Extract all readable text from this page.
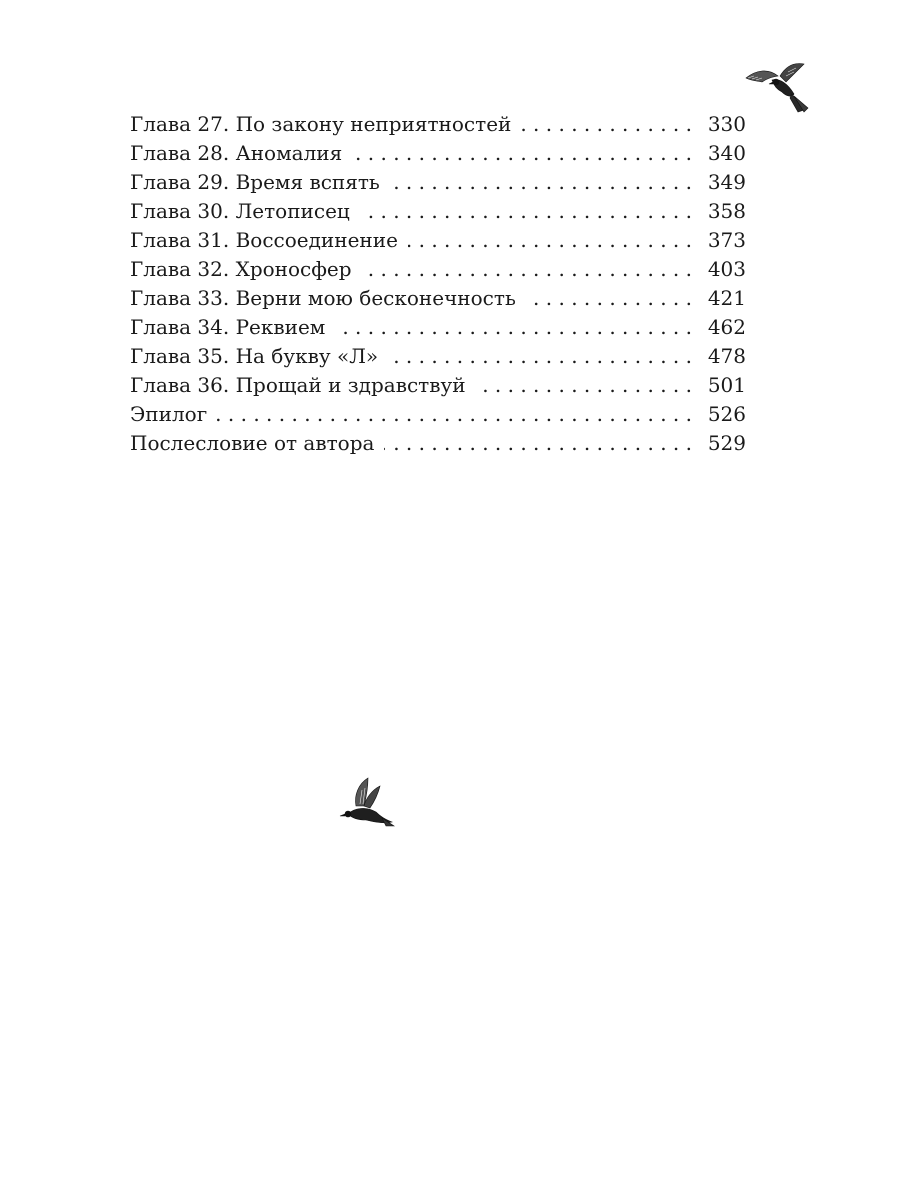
Глава 27. По закону неприятностей . . .	330
Глава 28. Аномалия . . .	340
Глава 29. Время вспять . . .	349
Глава 30. Летописец . . .	358
Глава 31. Воссоединение . . .	373
Глава 32. Хроносфер . . .	403
Глава 33. Верни мою бесконечность . . .	421
Глава 34. Реквием . . .	462
Глава 35. На букву «Л» . . .	478
Глава 36. Прощай и здравствуй . . .	501
Эпилог . . .	526
Послесловие от автора . . .	529
